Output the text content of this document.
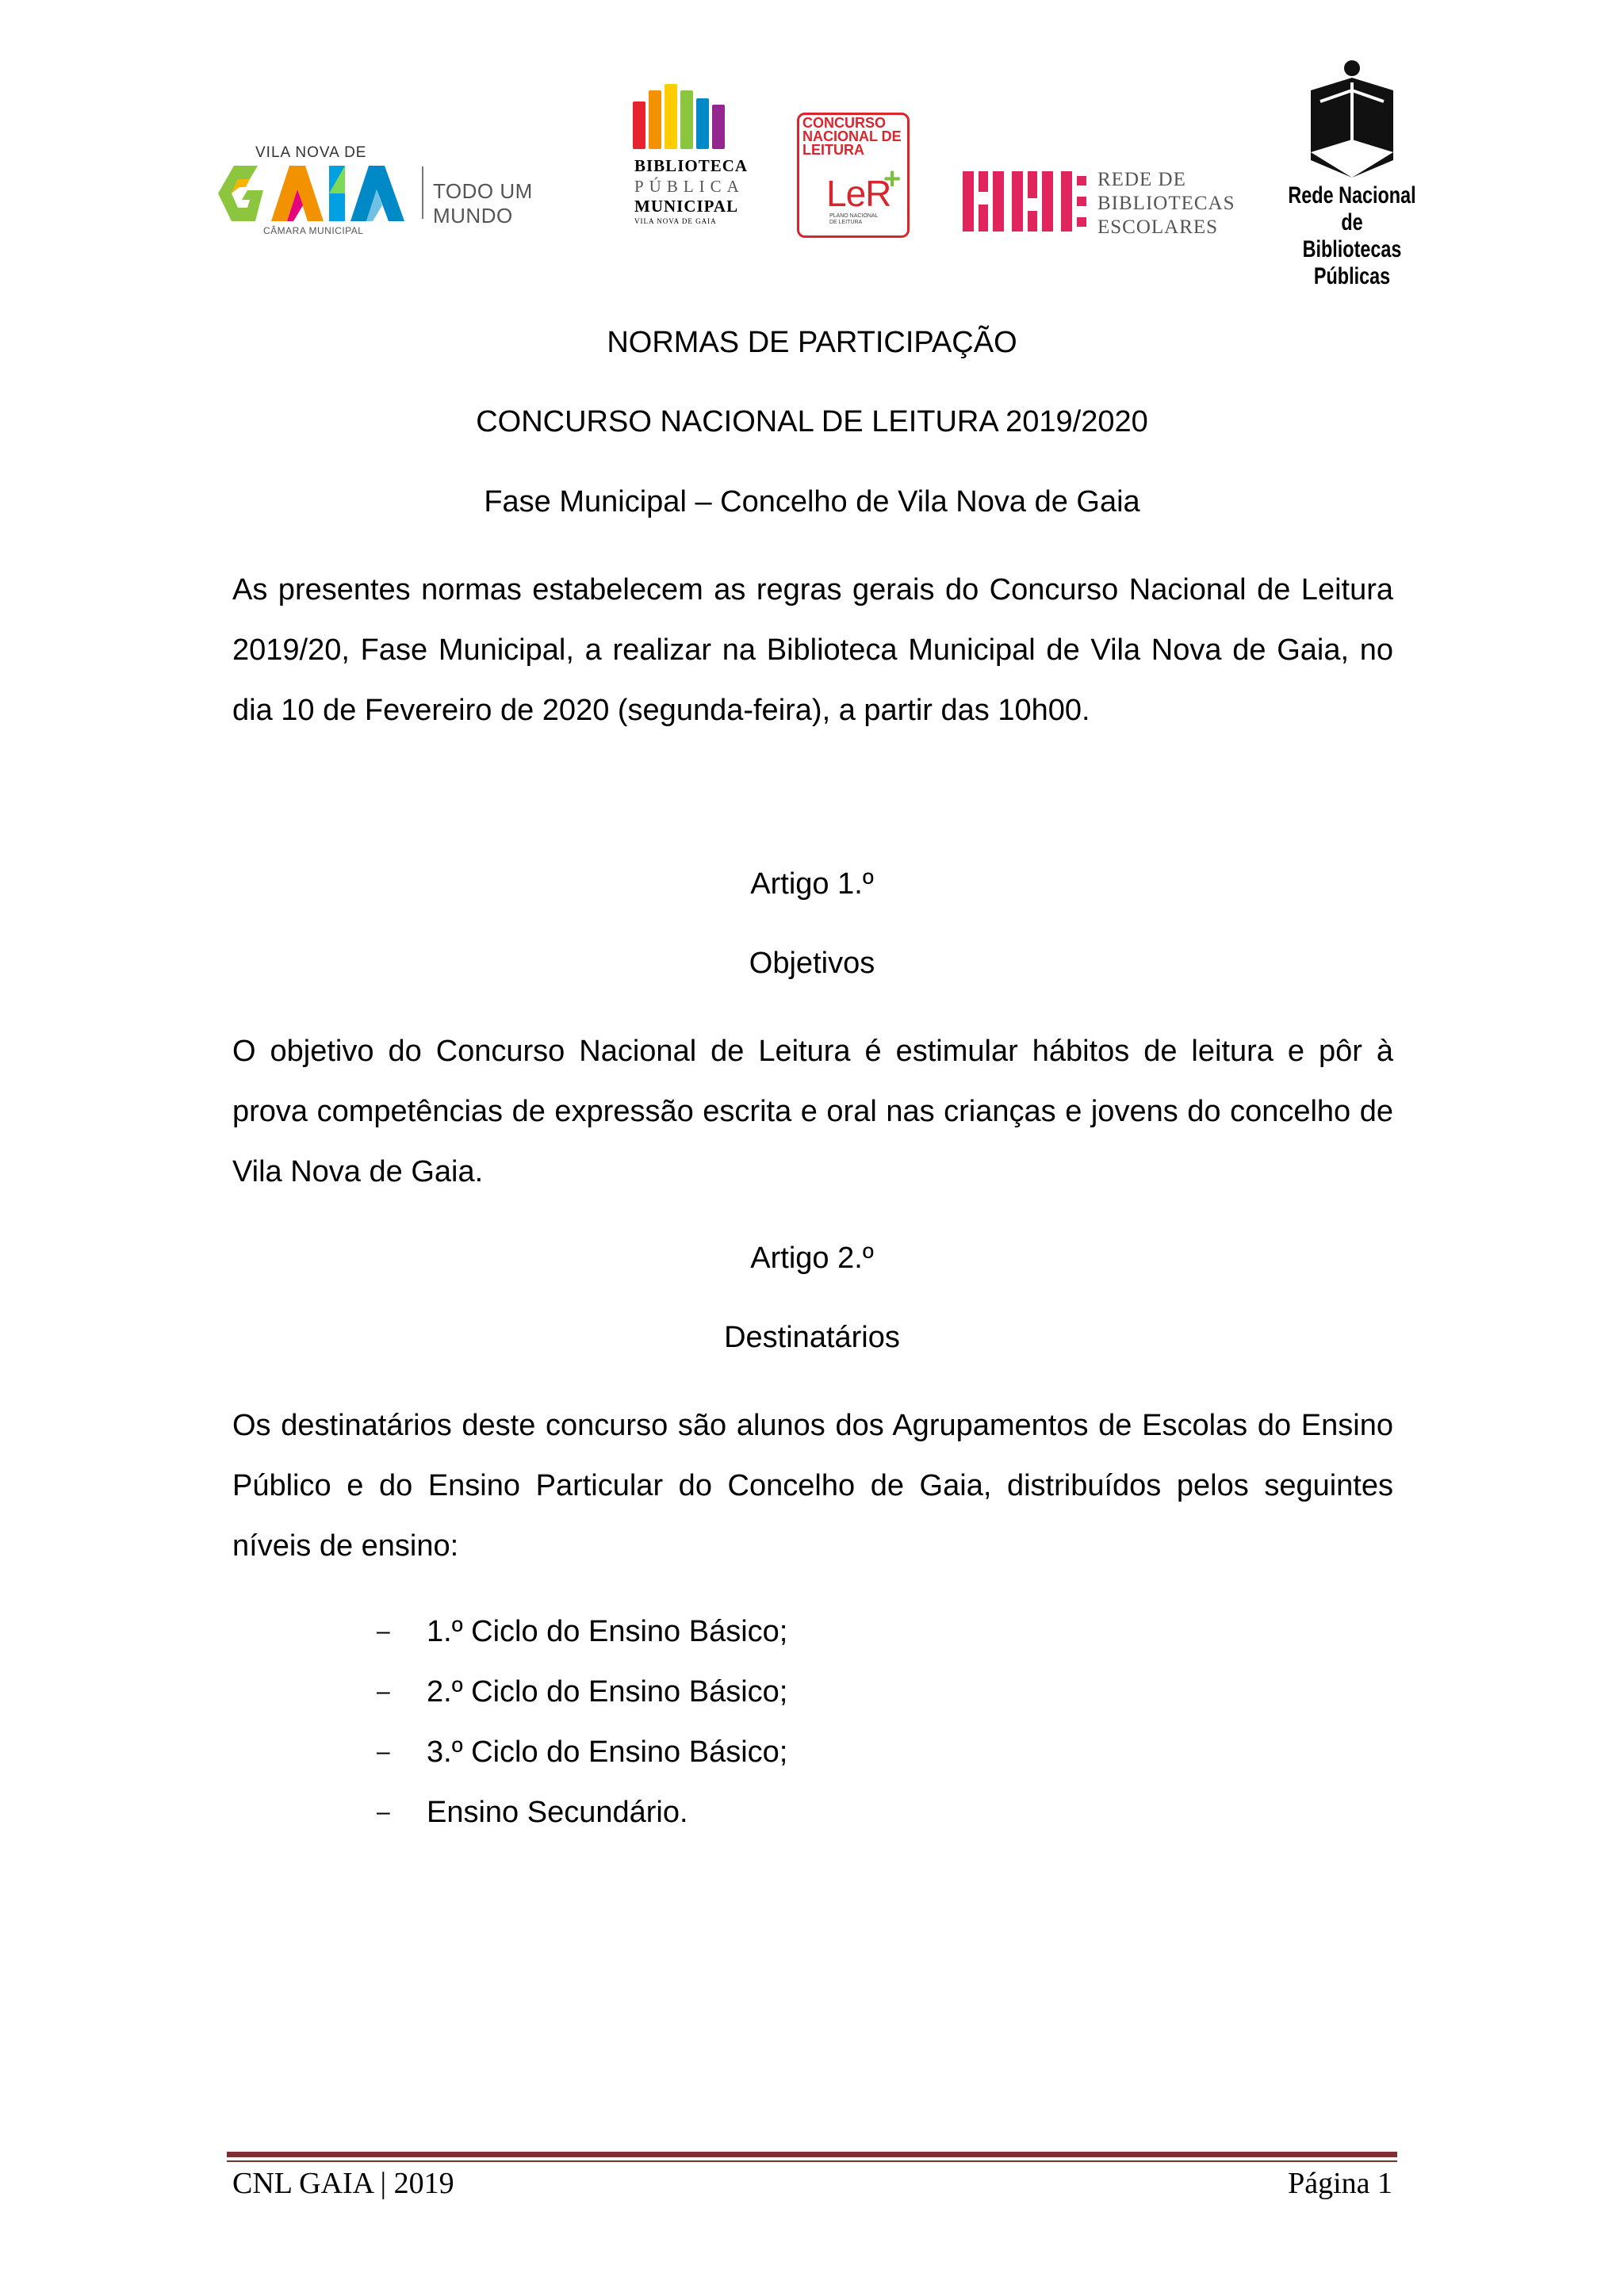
VILA NOVA DE
CÂMARA MUNICIPAL
TODO UM MUNDO
BIBLIOTECA
PÚBLICA
MUNICIPAL
VILA NOVA DE GAIA
CONCURSO NACIONAL DE LEITURA
LeR
+
PLANO NACIONAL DE LEITURA
REDE DE
BIBLIOTECAS
ESCOLARES
Rede Nacional de
Bibliotecas Públicas
NORMAS DE PARTICIPAÇÃO
CONCURSO NACIONAL DE LEITURA 2019/2020
Fase Municipal – Concelho de Vila Nova de Gaia

As presentes normas estabelecem as regras gerais do Concurso Nacional de Leitura 2019/20, Fase Municipal, a realizar na Biblioteca Municipal de Vila Nova de Gaia, no dia 10 de Fevereiro de 2020 (segunda-feira), a partir das 10h00.

Artigo 1.º
Objetivos

O objetivo do Concurso Nacional de Leitura é estimular hábitos de leitura e pôr à prova competências de expressão escrita e oral nas crianças e jovens do concelho de Vila Nova de Gaia.

Artigo 2.º
Destinatários

Os destinatários deste concurso são alunos dos Agrupamentos de Escolas do Ensino Público e do Ensino Particular do Concelho de Gaia, distribuídos pelos seguintes níveis de ensino:

– 1.º Ciclo do Ensino Básico;
– 2.º Ciclo do Ensino Básico;
– 3.º Ciclo do Ensino Básico;
– Ensino Secundário.
CNL GAIA | 2019	Página 1
